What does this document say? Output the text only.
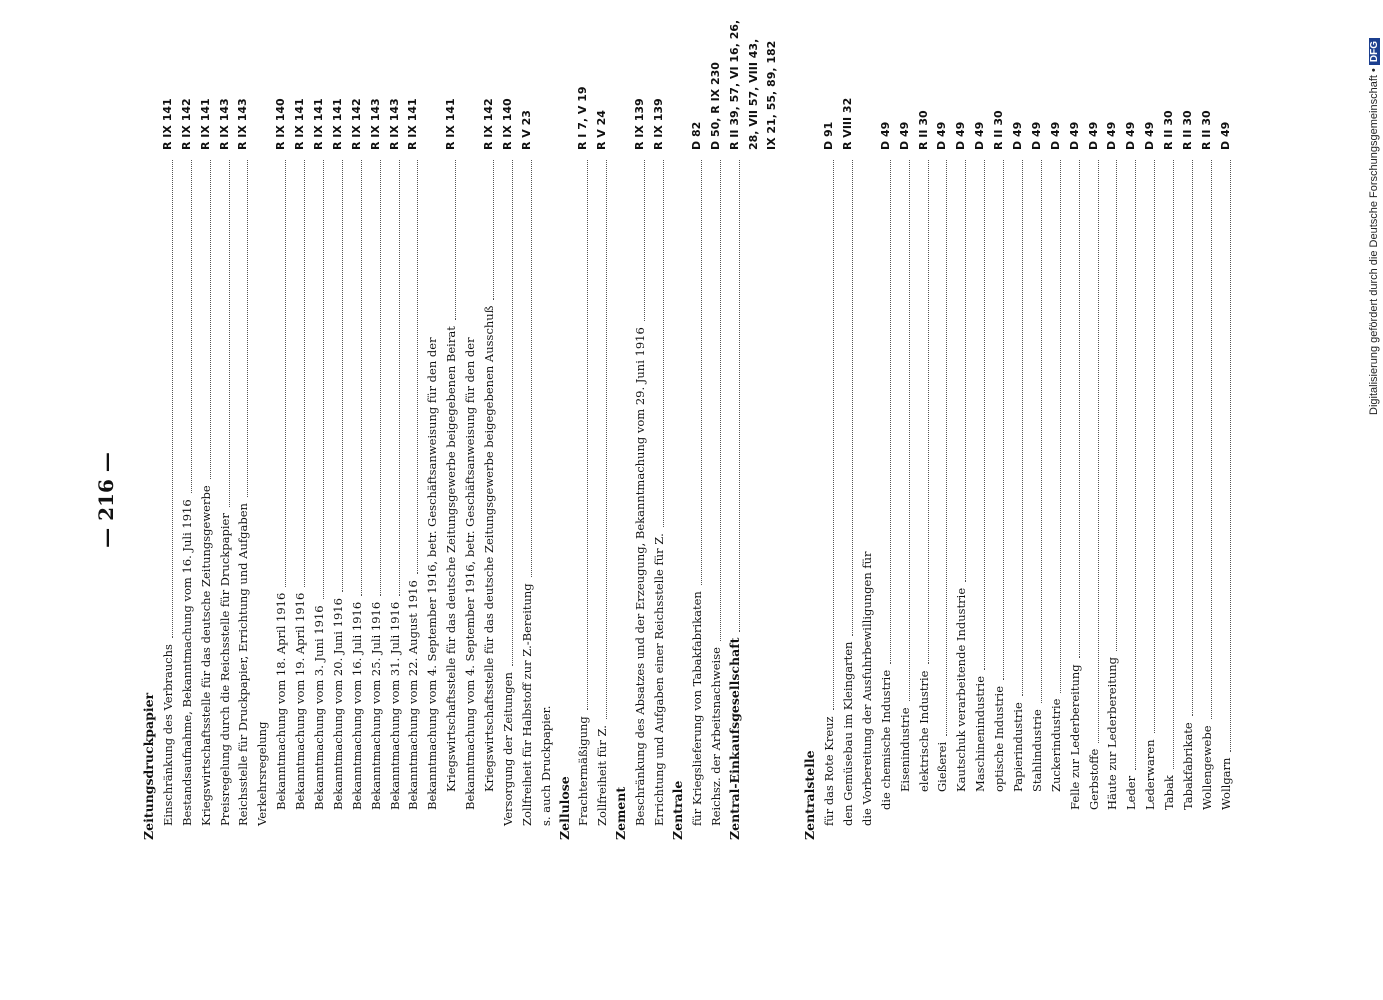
— 216 —
Zeitungsdruckpapier Einschränkung des Verbrauchs
R IX 141
Bestandsaufnahme, Bekanntmachung vom 16. Juli 1916
R IX 142
Kriegswirtschaftsstelle für das deutsche Zeitungsgewerbe
R IX 141
Preisregelung durch die Reichsstelle für Druckpapier
R IX 143
Reichsstelle für Druckpapier, Errichtung und Aufgaben
R IX 143
Verkehrsregelung Bekanntmachung vom 18. April 1916
R IX 140
Bekanntmachung vom 19. April 1916
R IX 141
Bekanntmachung vom 3. Juni 1916
R IX 141
Bekanntmachung vom 20. Juni 1916
R IX 141
Bekanntmachung vom 16. Juli 1916
R IX 142
Bekanntmachung vom 25. Juli 1916
R IX 143
Bekanntmachung vom 31. Juli 1916
R IX 143
Bekanntmachung vom 22. August 1916
R IX 141
Bekanntmachung vom 4. September 1916, betr. Geschäftsanweisung für den der Kriegswirtschaftsstelle für das deutsche Zeitungsgewerbe beigegebenen Beirat
R IX 141
Bekanntmachung vom 4. September 1916, betr. Geschäftsanweisung für den der Kriegswirtschaftsstelle für das deutsche Zeitungsgewerbe beigegebenen Ausschuß
R IX 142
Versorgung der Zeitungen
R IX 140
Zollfreiheit für Halbstoff zur Z.-Bereitung
R V 23
s. auch Druckpapier. Zellulose Frachtermäßigung
R I 7, V 19
Zollfreiheit für Z.
R V 24
Zement Beschränkung des Absatzes und der Erzeugung, Bekanntmachung vom 29. Juni 1916
R IX 139
Errichtung und Aufgaben einer Reichsstelle für Z.
R IX 139
Zentrale für Kriegslieferung von Tabakfabrikaten
D 82
Reichsz. der Arbeitsnachweise
D 50, R IX 230
Zentral-Einkaufsgesellschaft
R II 39, 57, VI 16, 26, 28, VII 57, VIII 43, IX 21, 55, 89, 182
Zentralstelle für das Rote Kreuz
D 91
den Gemüsebau im Kleingarten
R VIII 32
die Vorbereitung der Ausfuhrbewilligungen für die chemische Industrie
D 49
Eisenindustrie
D 49
elektrische Industrie
R II 30
Gießerei
D 49
Kautschuk verarbeitende Industrie
D 49
Maschinenindustrie
D 49
optische Industrie
R II 30
Papierindustrie
D 49
Stahlindustrie
D 49
Zuckerindustrie
D 49
Felle zur Lederbereitung
D 49
Gerbstoffe
D 49
Häute zur Lederbereitung
D 49
Leder
D 49
Lederwaren
D 49
Tabak
R II 30
Tabakfabrikate
R II 30
Wollengewebe
R II 30
Wollgarn
D 49	Digitalisierung gefördert durch die Deutsche Forschungsgemeinschaft •DFG
